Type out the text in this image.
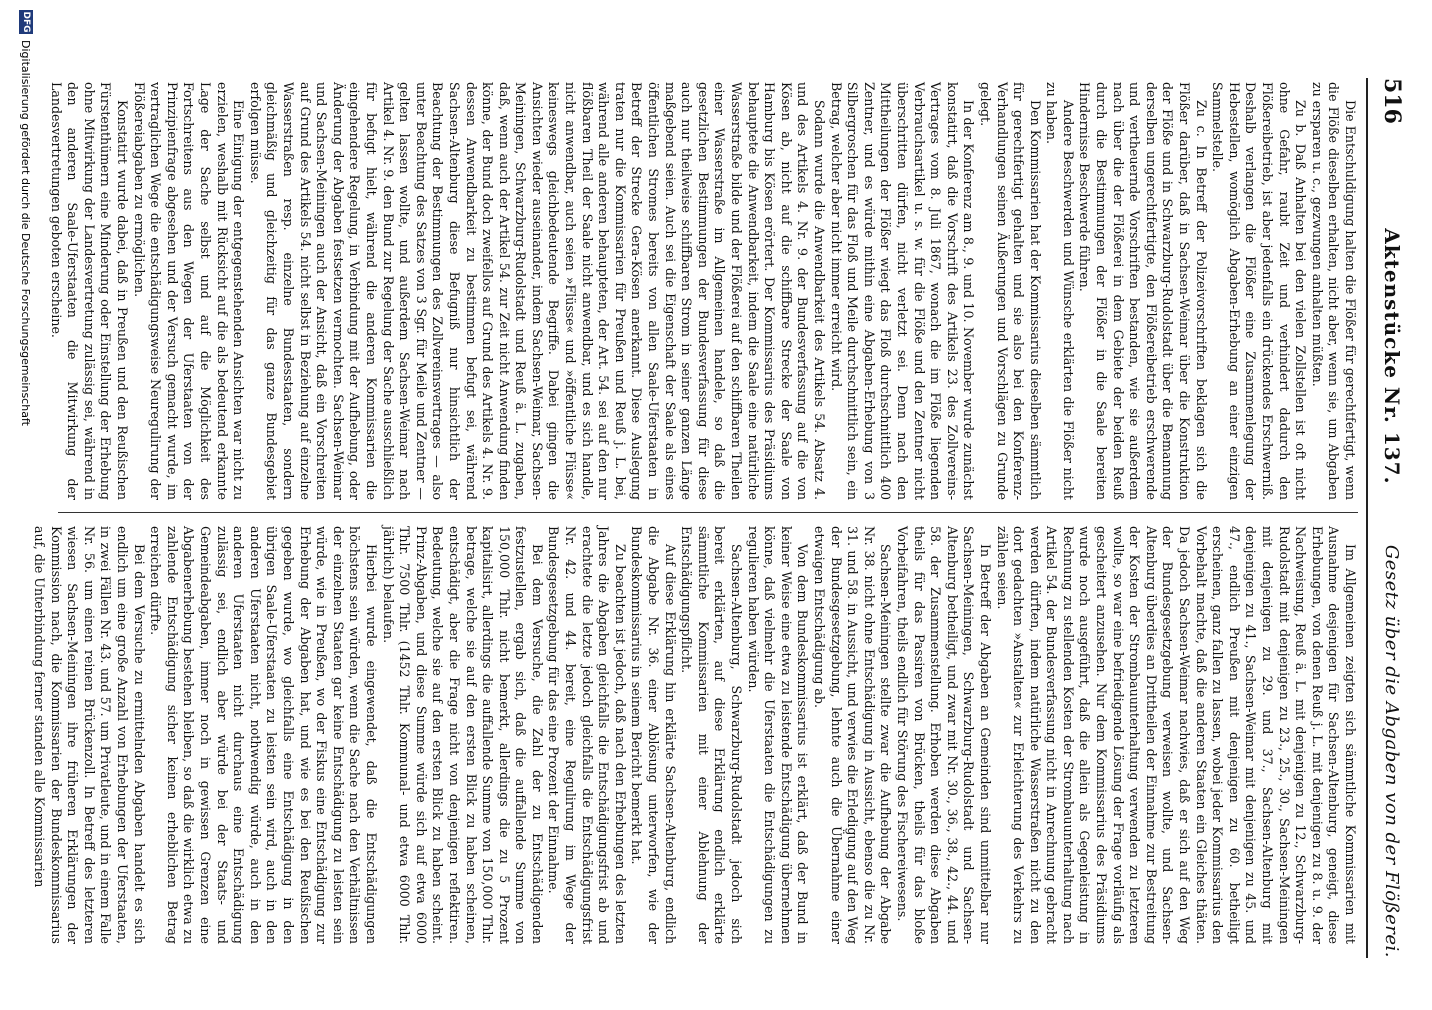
516
Aktenstücke Nr. 137.
Gesetz über die Abgaben von der Flößerei.

Die Entschuldigung halten die Flößer für gerechtfertigt, wenn die Flöße dieselben erhalten, nicht aber, wenn sie, um Abgaben zu ersparen u. c., gezwungen anhalten müßten.

Zu b. Daß Anhalten bei den vielen Zollstellen ist oft nicht ohne Gefahr, raubt Zeit und verhindert dadurch den Flößereibetrieb, ist aber jedenfalls ein drückendes Erschwerniß. Deshalb verlangen die Flößer eine Zusammenlegung der Hebestellen, womöglich Abgaben-Erhebung an einer einzigen Sammelstelle.

Zu c. In Betreff der Polizeivorschriften beklagen sich die Flößer darüber, daß in Sachsen-Weimar über die Konstruktion der Flöße und in Schwarzburg-Rudolstadt über die Bemannung derselben ungerechtfertigte, den Flößereibetrieb erschwerende und vertheuernde Vorschriften bestanden, wie sie außerdem nach über die der Flößerei in dem Gebiete der beiden Reuß durch die Bestimmungen der Flößer in die Saale bereiten Hindernisse Beschwerde führen.

Andere Beschwerden und Wünsche erklärten die Flößer nicht zu haben.

Den Kommissarien hat der Kommissarius dieselben sämmtlich für gerechtfertigt gehalten und sie also bei den Konferenz-Verhandlungen seinen Äußerungen und Vorschlägen zu Grunde gelegt.

In der Konferenz am 8., 9. und 10. November wurde zunächst konstatirt, daß die Vorschrift des Artikels 23. des Zollvereins-Vertrages vom 8. Juli 1867, wonach die im Flöße liegenden Verbrauchsartikel u. s. w. für die Flöße und den Zentner nicht überschritten dürfen, nicht verletzt sei. Denn nach den Mittheilungen der Flößer wiegt das Floß durchschnittlich 400 Zentner, und es würde mithin eine Abgaben-Erhebung von 3 Silbergroschen für das Floß und Meile durchschnittlich sein, ein Betrag, welcher aber nicht immer erreicht wird.

Sodann wurde die Anwendbarkeit des Artikels 54. Absatz 4. und des Artikels 4. Nr. 9. der Bundesverfassung auf die von Kösen ab, nicht auf die schiffbare Strecke der Saale von Hamburg bis Kösen erörtert. Der Kommissarius des Präsidiums behauptete die Anwendbarkeit, indem die Saale eine natürliche Wasserstraße bilde und der Flößerei auf den schiffbaren Theilen einer Wasserstraße im Allgemeinen handele, so daß die gesetzlichen Bestimmungen der Bundesverfassung für diese auch nur theilweise schiffbaren Strom in seiner ganzen Länge maßgebend seien. Auch sei die Eigenschaft der Saale als eines öffentlichen Stromes bereits von allen Saale-Uferstaaten in Betreff der Strecke Gera-Kösen anerkannt. Diese Auslegung traten nur die Kommissarien für Preußen und Reuß j. L. bei, während alle anderen behaupteten, der Art. 54. sei auf den nur flößbaren Theil der Saale nicht anwendbar, und es sich handle, nicht anwendbar, auch seien »Flüsse« und »öffentliche Flüsse« keineswegs gleichbedeutende Begriffe. Dabei gingen die Ansichten wieder auseinander, indem Sachsen-Weimar, Sachsen-Meiningen, Schwarzburg-Rudolstadt und Reuß ä. L. zugaben, daß, wenn auch der Artikel 54. zur Zeit nicht Anwendung finden könne, der Bund doch zweifellos auf Grund des Artikels 4. Nr. 9. dessen Anwendbarkeit zu bestimmen befugt sei, während Sachsen-Altenburg diese Befugniß nur hinsichtlich der Beachtung der Bestimmungen des Zollvereinsvertrages — also unter Beachtung des Satzes von 3 Sgr. für Meile und Zentner — gelten lassen wollte, und außerdem Sachsen-Weimar nach Artikel 4. Nr. 9. den Bund zur Regelung der Sache ausschließlich für befugt hielt, während die anderen Kommissarien die eingehendere Regelung, in Verbindung mit der Aufhebung, oder Änderung der Abgaben festsetzen vermochten. Sachsen-Weimar und Sachsen-Meiningen auch der Ansicht, daß ein Vorschreiten auf Grund des Artikels 54. nicht selbst in Beziehung auf einzelne Wasserstraßen resp. einzelne Bundesstaaten, sondern gleichmäßig und gleichzeitig für das ganze Bundesgebiet erfolgen müsse.

Eine Einigung der entgegenstehenden Ansichten war nicht zu erzielen, weshalb mit Rücksicht auf die als bedeutend erkannte Lage der Sache selbst und auf die Möglichkeit des Fortschreitens aus den Wegen der Uferstaaten von der Prinzipienfrage abgesehen und der Versuch gemacht wurde, im vertraglichen Wege die entschädigungsweise Neuregulirung der Flößereiabgaben zu ermöglichen.

Konstatirt wurde dabei, daß in Preußen und den Reußischen Fürstenthümern eine Minderung oder Einstellung der Erhebung ohne Mitwirkung der Landesvertretung zulässig sei, während in den anderen Saale-Uferstaaten die Mitwirkung der Landesvertretungen geboten erscheine.

Im Allgemeinen zeigten sich sämmtliche Kommissarien mit Ausnahme desjenigen für Sachsen-Altenburg, geneigt, diese Erhebungen, von denen Reuß j. L. mit denjenigen zu 8. u. 9. der Nachweisung, Reuß ä. L. mit denjenigen zu 12., Schwarzburg-Rudolstadt mit denjenigen zu 23., 25., 30., Sachsen-Meiningen mit denjenigen zu 29. und 37., Sachsen-Altenburg mit denjenigen zu 41., Sachsen-Weimar mit denjenigen zu 45. und 47., endlich Preußen mit denjenigen zu 60. betheiligt erscheinen, ganz fallen zu lassen, wobei jeder Kommissarius den Vorbehalt machte, daß die anderen Staaten ein Gleiches thäten. Da jedoch Sachsen-Weimar nachwies, daß er sich auf den Weg der Bundesgesetzgebung verweisen wollte, und Sachsen-Altenburg überdies an Drittheilen der Einnahme zur Bestreitung der Kosten der Strombauunterhaltung verwenden zu letzteren wollte, so war eine befriedigende Lösung der Frage vorläufig als gescheitert anzusehen. Nur dem Kommissarius des Präsidiums wurde noch ausgeführt, daß die allein als Gegenleistung in Rechnung zu stellenden Kosten der Strombauunterhaltung nach Artikel 54. der Bundesverfassung nicht in Anrechnung gebracht werden dürften, indem natürliche Wasserstraßen nicht zu den dort gedachten »Anstalten« zur Erleichterung des Verkehrs zu zählen seien.

In Betreff der Abgaben an Gemeinden sind unmittelbar nur Sachsen-Meiningen, Schwarzburg-Rudolstadt und Sachsen-Altenburg betheiligt, und zwar mit Nr. 30., 36., 38., 42., 44. und 58. der Zusammenstellung. Erhoben werden diese Abgaben theils für das Passiren von Brücken, theils für das bloße Vorbeifahren, theils endlich für Störung des Fischereiwesens.

Sachsen-Meiningen stellte zwar die Aufhebung der Abgabe Nr. 38. nicht ohne Entschädigung in Aussicht, ebenso die zu Nr. 31. und 58. in Aussicht, und verwies die Erledigung auf den Weg der Bundesgesetzgebung, lehnte auch die Übernahme einer etwaigen Entschädigung ab.

Von dem Bundeskommissarius ist erklärt, daß der Bund in keiner Weise eine etwa zu leistende Entschädigung übernehmen könne, daß vielmehr die Uferstaaten die Entschädigungen zu regulieren haben würden.

Sachsen-Altenburg, Schwarzburg-Rudolstadt jedoch sich bereit erklärten, auf diese Erklärung endlich erklärte sämmtliche Kommissarien mit einer Ablehnung der Entschädigungspflicht.

Auf diese Erklärung hin erklärte Sachsen-Altenburg, endlich die Abgabe Nr. 36. einer Ablösung unterworfen, wie der Bundeskommissarius in seinem Bericht bemerkt hat.

Zu beachten ist jedoch, daß nach den Erhebungen des letzten Jahres die Abgaben gleichfalls die Entschädigungsfrist ab und erachtete die letzte jedoch gleichfalls die Entschädigungsfrist Nr. 42. und 44. bereit, eine Regulirung im Wege der Bundesgesetzgebung für das eine Prozent der Einnahme.

Bei dem Versuche, die Zahl der zu Entschädigenden festzustellen, ergab sich, daß die auffallende Summe von 150,000 Thlr. nicht bemerkt, allerdings die zu 5 Prozent kapitalisirt, allerdings die auffallende Summe von 150,000 Thlr. betrage, welche sie auf den ersten Blick zu haben scheinen, entschädigt, aber die Frage nicht von denjenigen reflektiren. Bedeutung, welche sie auf den ersten Blick zu haben scheint. Prinz-Abgaben, und diese Summe würde sich auf etwa 6000 Thlr. 7500 Thlr. (1452 Thlr. Kommunal- und etwa 6000 Thlr. jährlich) belaufen.

Hierbei wurde eingewendet, daß die Entschädigungen höchstens sein würden, wenn die Sache nach den Verhältnissen der einzelnen Staaten gar keine Entschädigung zu leisten sein würde, wie in Preußen, wo der Fiskus eine Entschädigung zur Erhebung der Abgaben hat, und wie es bei den Reußischen gegeben wurde, wo gleichfalls eine Entschädigung in den übrigen Saale-Uferstaaten zu leisten sein wird, auch in den anderen Uferstaaten nicht, nothwendig würde, auch in den anderen Uferstaaten nicht durchaus eine Entschädigung zulässig sei, endlich aber würde bei der Staats- und Gemeindeabgaben, immer noch in gewissen Grenzen eine Abgabenerhebung bestehen bleiben, so daß die wirklich etwa zu zahlende Entschädigung sicher keinen erheblichen Betrag erreichen dürfte.

Bei dem Versuche zu ermittelnden Abgaben handelt es sich endlich um eine große Anzahl von Erhebungen der Uferstaaten, in zwei Fällen Nr. 43. und 57. um Privatleute, und in einem Falle Nr. 56. um einen reinen Brückenzoll. In Betreff des letzteren wiesen Sachsen-Meiningen ihre früheren Erklärungen der Kommission nach, die Kommissarien der Bundeskommissarius auf, die Unterbindung ferner standen alle Kommissarien

DFG
Digitalisierung gefördert durch die Deutsche Forschungsgemeinschaft
